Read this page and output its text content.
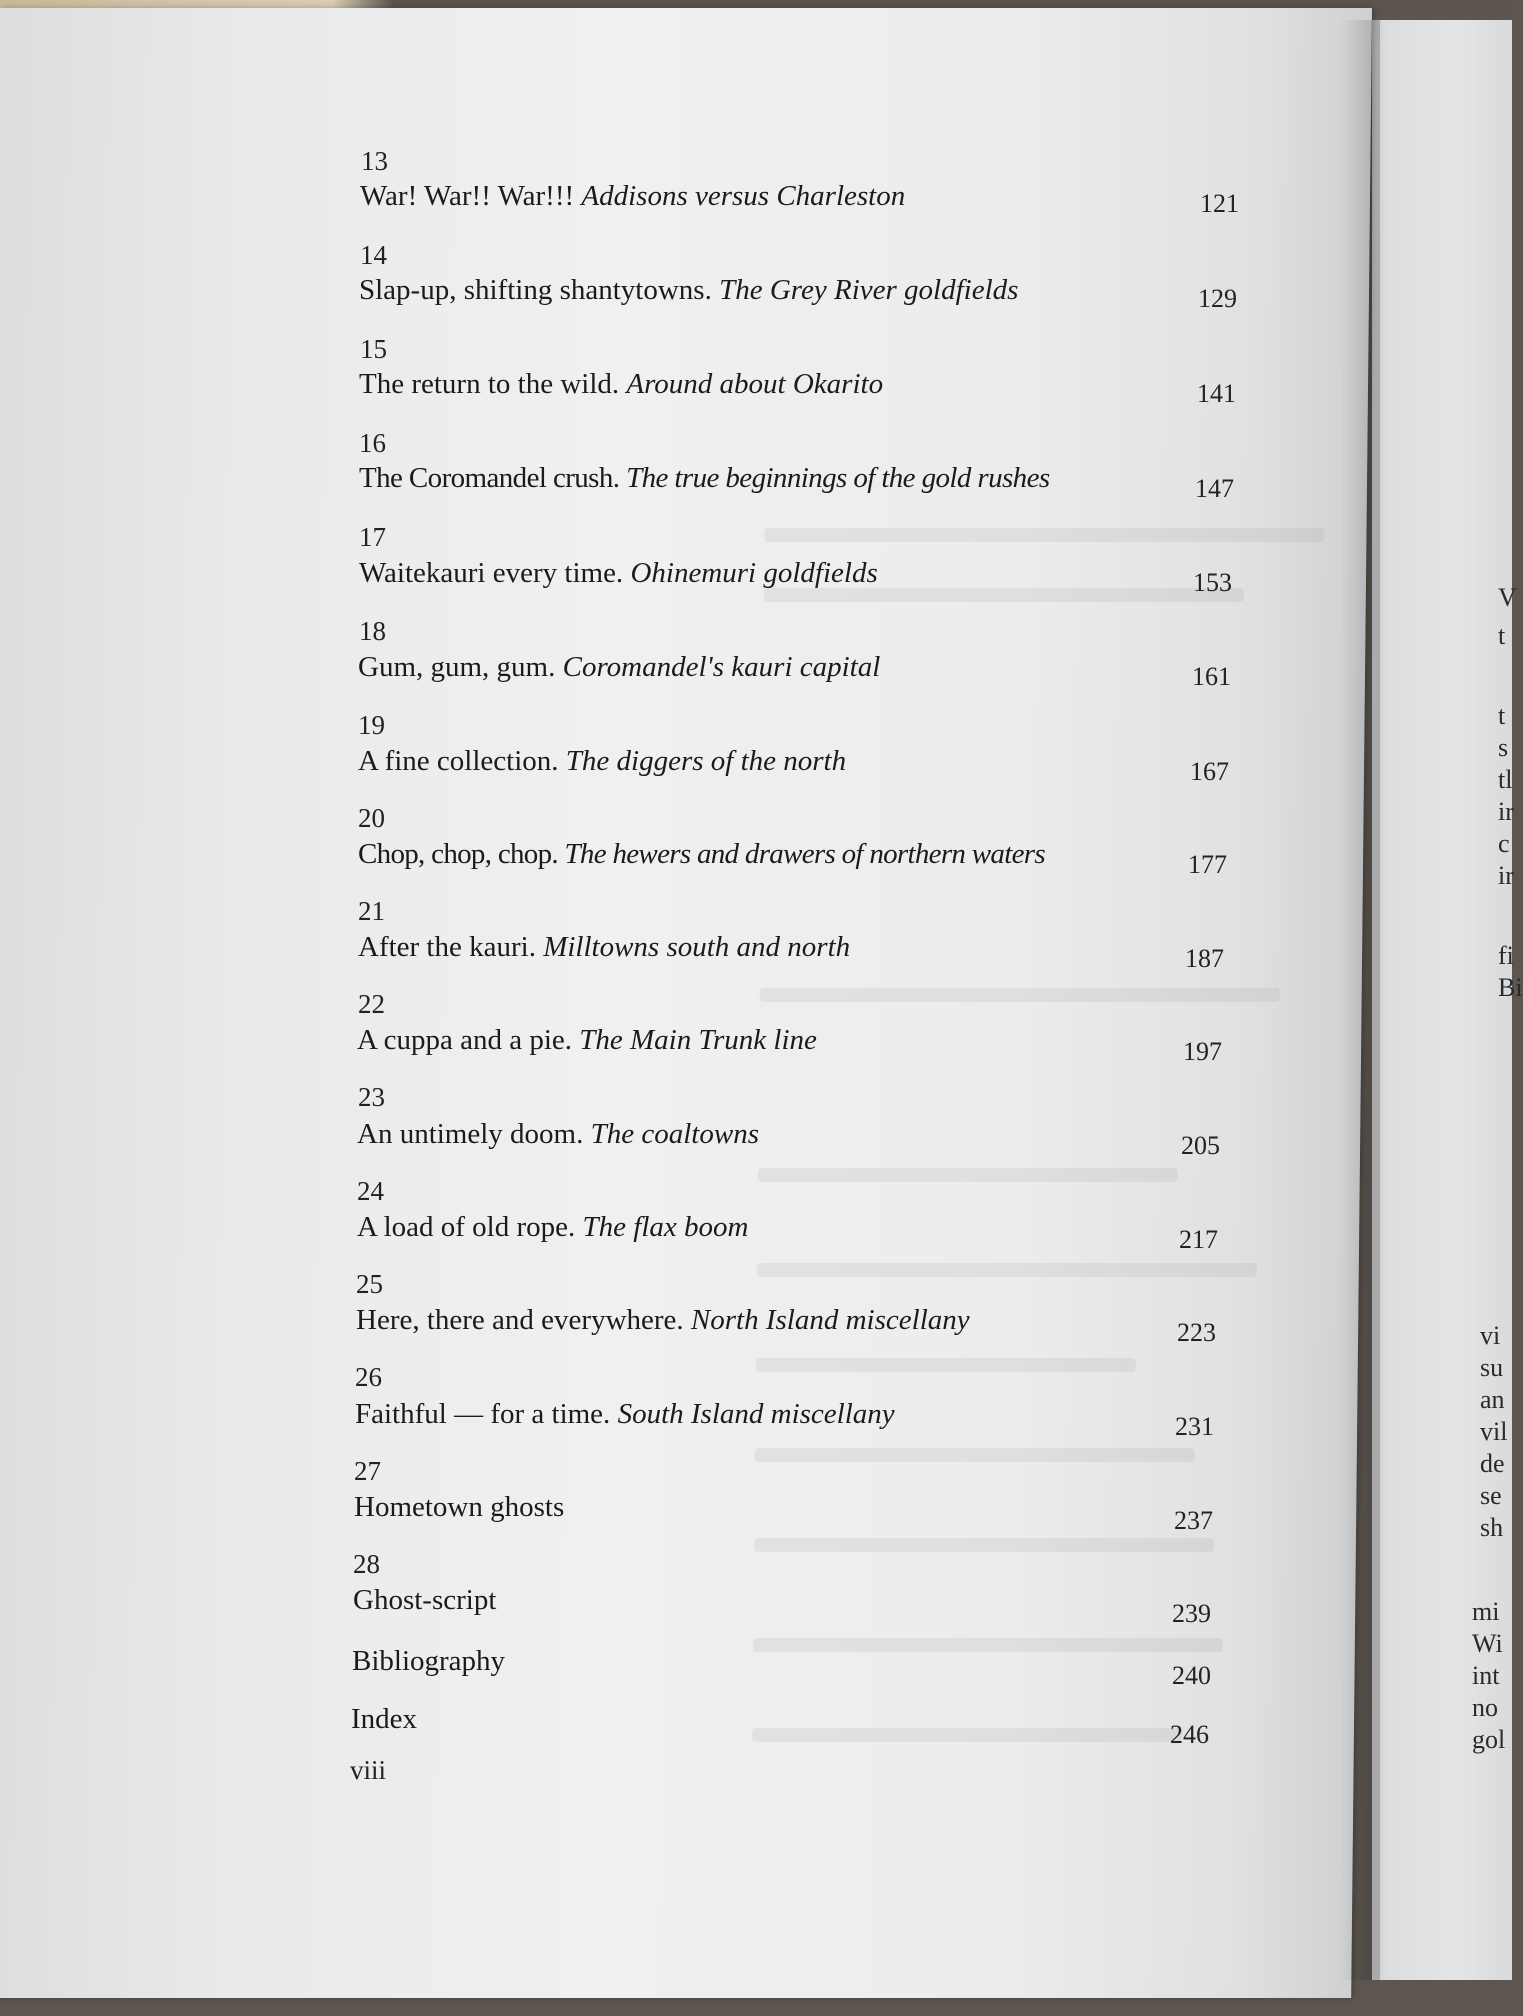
V
t
t
s
tl
ir
c
ir
fi
Bi
vi
su
an
vil
de
se
sh
mi
Wi
int
no
gol
13
War! War!! War!!! Addisons versus Charleston	121
14
Slap-up, shifting shantytowns. The Grey River goldfields	129
15
The return to the wild. Around about Okarito	141
16
The Coromandel crush. The true beginnings of the gold rushes	147
17
Waitekauri every time. Ohinemuri goldfields	153
18
Gum, gum, gum. Coromandel's kauri capital	161
19
A fine collection. The diggers of the north	167
20
Chop, chop, chop. The hewers and drawers of northern waters	177
21
After the kauri. Milltowns south and north	187
22
A cuppa and a pie. The Main Trunk line	197
23
An untimely doom. The coaltowns	205
24
A load of old rope. The flax boom	217
25
Here, there and everywhere. North Island miscellany	223
26
Faithful — for a time. South Island miscellany	231
27
Hometown ghosts	237
28
Ghost-script	239
Bibliography	240
Index	246
viii
